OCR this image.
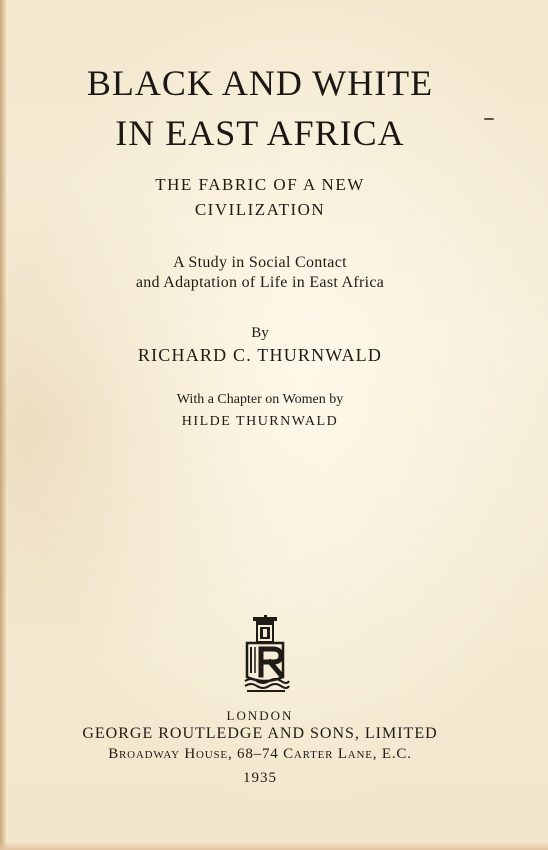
BLACK AND WHITE
IN EAST AFRICA
THE FABRIC OF A NEW
CIVILIZATION
A Study in Social Contact
and Adaptation of Life in East Africa
By
RICHARD C. THURNWALD
With a Chapter on Women by
HILDE THURNWALD
LONDON
GEORGE ROUTLEDGE AND SONS, LIMITED
Broadway House, 68–74 Carter Lane, E.C.
1935
